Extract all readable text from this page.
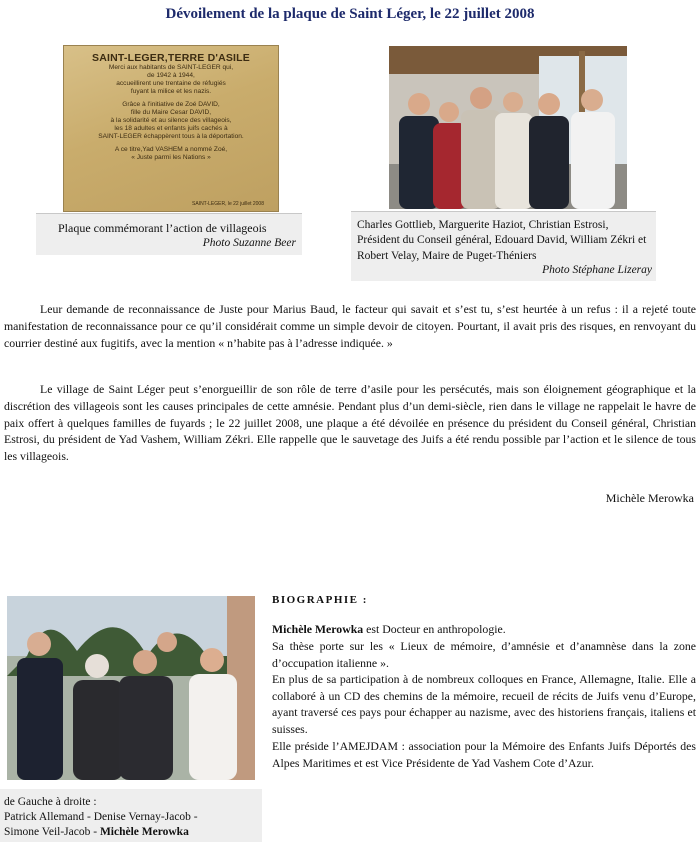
Dévoilement de la plaque de Saint Léger, le 22 juillet 2008
SAINT-LEGER,TERRE D'ASILE
Merci aux habitants de SAINT-LEGER qui,
de 1942 à 1944,
accueillirent une trentaine de réfugiés
fuyant la milice et les nazis.
Grâce à l'initiative de Zoé DAVID,
fille du Maire Cesar DAVID,
à la solidarité et au silence des villageois,
les 18 adultes et enfants juifs cachés à
SAINT-LEGER échappèrent tous à la déportation.
A ce titre,Yad VASHEM a nommé Zoé,
« Juste parmi les Nations »
SAINT-LEGER, le 22 juillet 2008
Plaque commémorant l’action de villageois
Photo Suzanne Beer
Charles Gottlieb, Marguerite Haziot, Christian Estrosi, Président du Conseil général, Edouard David, William Zékri et Robert Velay, Maire de Puget-Théniers
Photo Stéphane Lizeray
Leur demande de reconnaissance de Juste pour Marius Baud, le facteur qui savait et s’est tu, s’est heurtée à un refus : il a rejeté toute manifestation de reconnaissance pour ce qu’il considérait comme un simple devoir de citoyen. Pourtant, il avait pris des risques, en renvoyant du courrier destiné aux fugitifs, avec la mention « n’habite pas à l’adresse indiquée. »
Le village de Saint Léger peut s’enorgueillir de son rôle de terre d’asile pour les persécutés, mais son éloignement géographique et la discrétion des villageois sont les causes principales de cette amnésie. Pendant plus d’un demi-siècle, rien dans le village ne rappelait le havre de paix offert à quelques familles de fuyards ; le 22 juillet 2008, une plaque a été dévoilée en présence du président du Conseil général, Christian Estrosi, du président de Yad Vashem, William Zékri. Elle rappelle que le sauvetage des Juifs a été rendu possible par l’action et le silence de tous les villageois.
Michèle Merowka
de Gauche à droite :
Patrick Allemand - Denise Vernay-Jacob -
Simone Veil-Jacob - Michèle Merowka
BIOGRAPHIE :
Michèle Merowka est Docteur en anthropologie.
Sa thèse porte sur les « Lieux de mémoire, d’amnésie et d’anamnèse dans la zone d’occupation italienne ».
En plus de sa participation à de nombreux colloques en France, Allemagne, Italie. Elle a collaboré à un CD des chemins de la mémoire, recueil de récits de Juifs venu d’Europe, ayant traversé ces pays pour échapper au nazisme, avec des historiens français, italiens et suisses.
Elle préside l’AMEJDAM : association pour la Mémoire des Enfants Juifs Déportés des Alpes Maritimes et est Vice Présidente de Yad Vashem Cote d’Azur.
